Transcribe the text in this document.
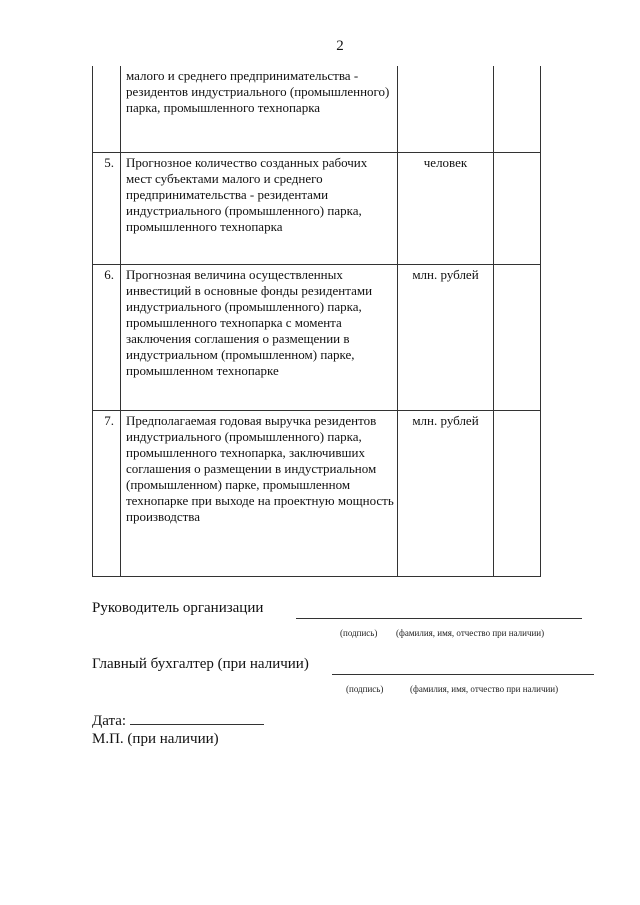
2
	малого и среднего предпринимательства - резидентов индустриального (промышленного) парка, промышленного технопарка		
5.	Прогнозное количество созданных рабочих мест субъектами малого и среднего предпринимательства - резидентами индустриального (промышленного) парка, промышленного технопарка	человек	
6.	Прогнозная величина осуществленных инвестиций в основные фонды резидентами индустриального (промышленного) парка, промышленного технопарка с момента заключения соглашения о размещении в индустриальном (промышленном) парке, промышленном технопарке	млн. рублей	
7.	Предполагаемая годовая выручка резидентов индустриального (промышленного) парка, промышленного технопарка, заключивших соглашения о размещении в индустриальном (промышленном) парке, промышленном технопарке при выходе на проектную мощность производства	млн. рублей	
Руководитель организации
(подпись) (фамилия, имя, отчество при наличии)
Главный бухгалтер (при наличии)
(подпись)	(фамилия, имя, отчество при наличии)
Дата:
М.П. (при наличии)
